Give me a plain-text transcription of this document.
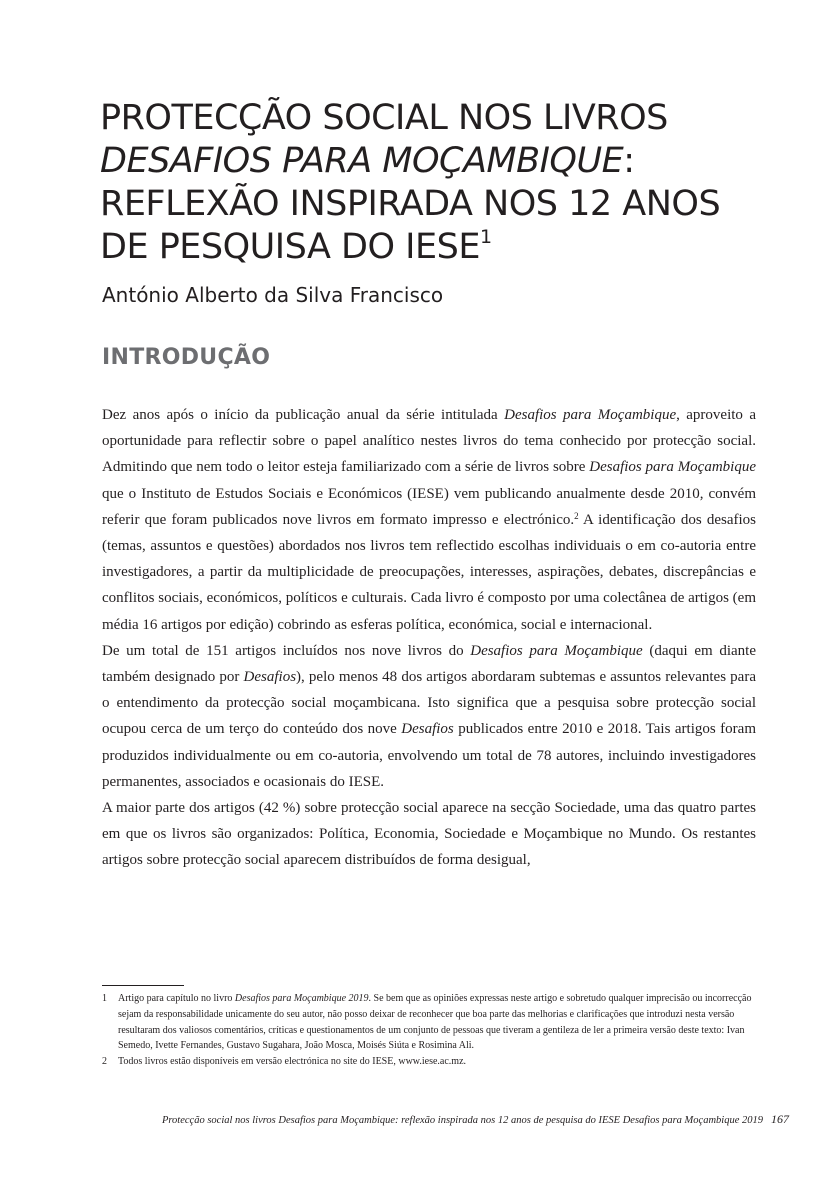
PROTECÇÃO SOCIAL NOS LIVROS
DESAFIOS PARA MOÇAMBIQUE:
REFLEXÃO INSPIRADA NOS 12 ANOS
DE PESQUISA DO IESE$^1$

António Alberto da Silva Francisco

INTRODUÇÃO

Dez anos após o início da publicação anual da série intitulada Desafios para Moçambique, aproveito a oportunidade para reflectir sobre o papel analítico nestes livros do tema conhecido por protecção social. Admitindo que nem todo o leitor esteja familiarizado com a série de livros sobre Desafios para Moçambique que o Instituto de Estudos Sociais e Económicos (IESE) vem publicando anualmente desde 2010, convém referir que foram publicados nove livros em formato impresso e electrónico.$^2$ A identificação dos desafios (temas, assuntos e questões) abordados nos livros tem reflectido escolhas individuais o em co-autoria entre investigadores, a partir da multiplicidade de preocupações, interesses, aspirações, debates, discrepâncias e conflitos sociais, económicos, políticos e culturais. Cada livro é composto por uma colectânea de artigos (em média 16 artigos por edição) cobrindo as esferas política, económica, social e internacional.

De um total de 151 artigos incluídos nos nove livros do Desafios para Moçambique (daqui em diante também designado por Desafios), pelo menos 48 dos artigos abordaram subtemas e assuntos relevantes para o entendimento da protecção social moçambicana. Isto significa que a pesquisa sobre protecção social ocupou cerca de um terço do conteúdo dos nove Desafios publicados entre 2010 e 2018. Tais artigos foram produzidos individualmente ou em co-autoria, envolvendo um total de 78 autores, incluindo investigadores permanentes, associados e ocasionais do IESE.

A maior parte dos artigos (42 %) sobre protecção social aparece na secção Sociedade, uma das quatro partes em que os livros são organizados: Política, Economia, Sociedade e Moçambique no Mundo. Os restantes artigos sobre protecção social aparecem distribuídos de forma desigual,

1	Artigo para capítulo no livro Desafios para Moçambique 2019. Se bem que as opiniões expressas neste artigo e sobretudo qualquer imprecisão ou incorrecção sejam da responsabilidade unicamente do seu autor, não posso deixar de reconhecer que boa parte das melhorias e clarificações que introduzi nesta versão resultaram dos valiosos comentários, críticas e questionamentos de um conjunto de pessoas que tiveram a gentileza de ler a primeira versão deste texto: Ivan Semedo, Ivette Fernandes, Gustavo Sugahara, João Mosca, Moisés Siúta e Rosimina Ali.
2	Todos livros estão disponíveis em versão electrónica no site do IESE, www.iese.ac.mz.
Protecção social nos livros Desafios para Moçambique: reflexão inspirada nos 12 anos de pesquisa do IESE Desafios para Moçambique 2019 167
